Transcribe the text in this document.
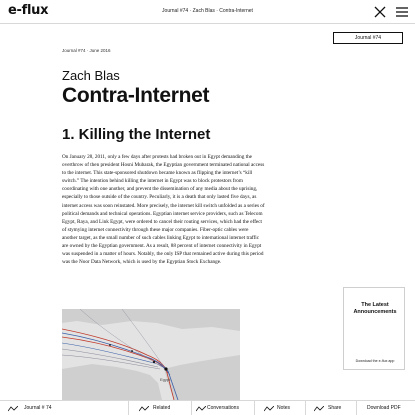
e-flux	Journal #74 · Zach Blas · Contra-Internet
Journal #74
Journal #74 · June 2016
Zach Blas
Contra-Internet
1. Killing the Internet

On January 28, 2011, only a few days after protests had broken out in Egypt demanding the overthrow of then president Hosni Mubarak, the Egyptian government terminated national access to the internet. This state-sponsored shutdown became known as flipping the internet’s “kill switch.” The intention behind killing the internet in Egypt was to block protestors from coordinating with one another, and prevent the dissemination of any media about the uprising, especially to those outside of the country. Peculiarly, it is a death that only lasted five days, as internet access was soon reinstated. More precisely, the internet kill switch unfolded as a series of political demands and technical operations. Egyptian internet service providers, such as Telecom Egypt, Raya, and Link Egypt, were ordered to cancel their routing services, which had the effect of stymying internet connectivity through these major companies. Fiber-optic cables were another target, as the small number of such cables linking Egypt to international internet traffic are owned by the Egyptian government. As a result, 88 percent of internet connectivity in Egypt was suspended in a matter of hours. Notably, the only ISP that remained active during this period was the Noor Data Network, which is used by the Egyptian Stock Exchange.

Egypt
The Latest
Announcements
Download the e-flux app
Journal # 74	Related	Conversations	Notes	Share	Download PDF
